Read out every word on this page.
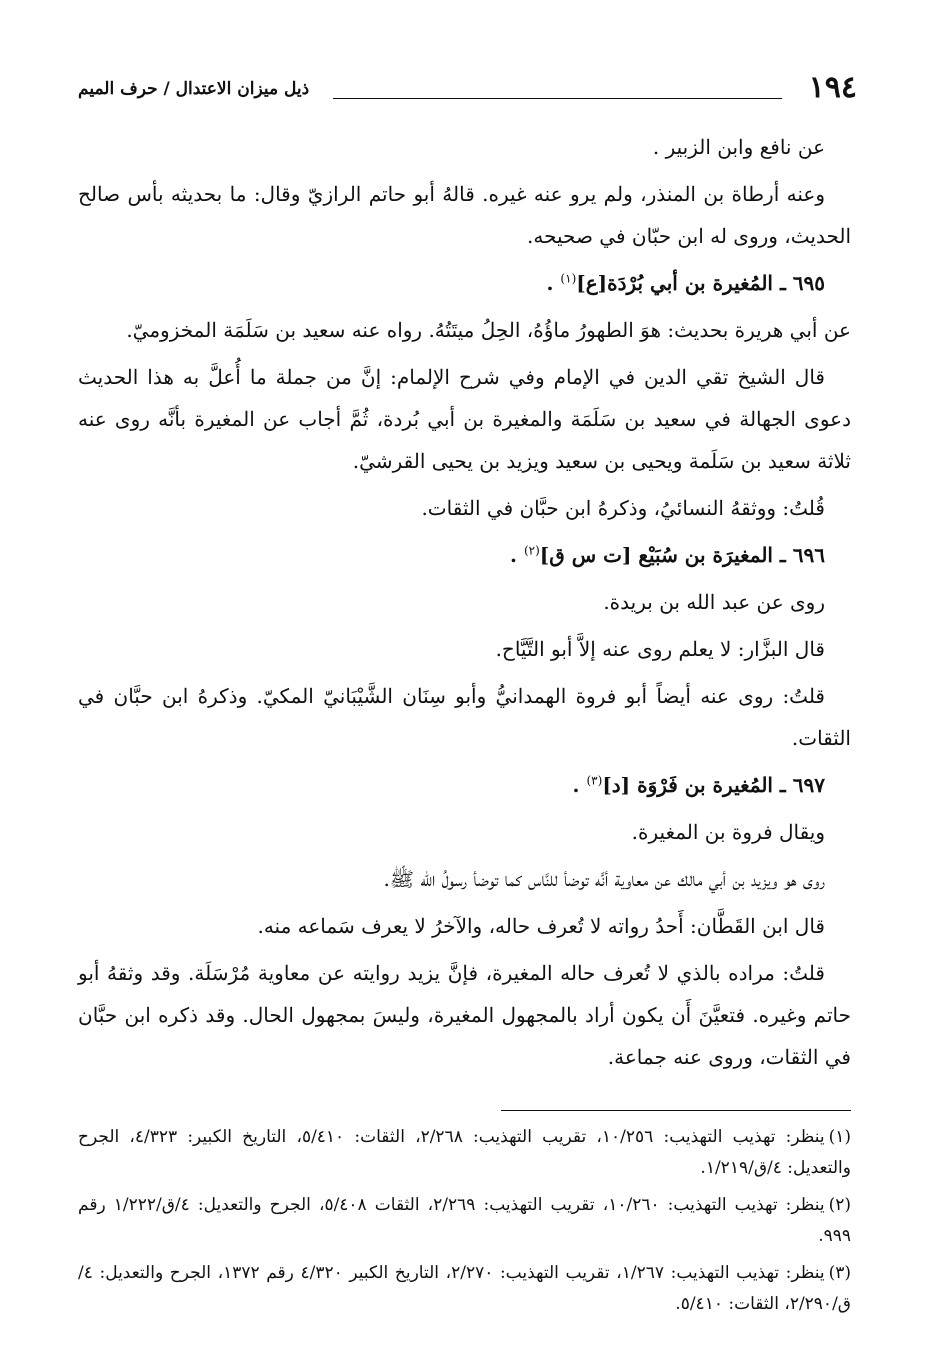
١٩٤
ذيل ميزان الاعتدال / حرف الميم

عن نافع وابن الزبير .

وعنه أرطاة بن المنذر، ولم يرو عنه غيره. قالهُ أبو حاتم الرازيّ وقال: ما بحديثه بأس صالح الحديث، وروى له ابن حبّان في صحيحه.

٦٩٥ ـ المُغيرة بن أبي بُرْدَة[ع]$^{(١)}$ .

عن أبي هريرة بحديث: هوَ الطهورُ ماؤُهُ، الحِلُ ميتَتُهُ. رواه عنه سعيد بن سَلَمَة المخزوميّ.

قال الشيخ تقي الدين في الإمام وفي شرح الإلمام: إنَّ من جملة ما أُعلَّ به هذا الحديث دعوى الجهالة في سعيد بن سَلَمَة والمغيرة بن أبي بُردة، ثُمَّ أجاب عن المغيرة بأنَّه روى عنه ثلاثة سعيد بن سَلَمة ويحيى بن سعيد ويزيد بن يحيى القرشيّ.

قُلتُ: ووثقهُ النسائيُ، وذكرهُ ابن حبَّان في الثقات.

٦٩٦ ـ المغيرَة بن سُبَيْع [ت س ق]$^{(٢)}$ .

روى عن عبد الله بن بريدة.

قال البزَّار: لا يعلم روى عنه إلاَّ أبو التَّيَّاح.

قلتُ: روى عنه أيضاً أبو فروة الهمدانيُّ وأبو سِنَان الشَّيْبَانيّ المكيّ. وذكرهُ ابن حبَّان في الثقات.

٦٩٧ ـ المُغيرة بن فَرْوَة [د]$^{(٣)}$ .

ويقال فروة بن المغيرة.

روى هو ويزيد بن أبي مالك عن معاوية أنَّه توضأ للنَّاس كما توضأ رسولُ الله ﷺ.

قال ابن القَطَّان: أَحدُ رواته لا تُعرف حاله، والآخرُ لا يعرف سَماعه منه.

قلتُ: مراده بالذي لا تُعرف حاله المغيرة، فإنَّ يزيد روايته عن معاوية مُرْسَلَة. وقد وثقهُ أبو حاتم وغيره. فتعيَّنَ أَن يكون أراد بالمجهول المغيرة، وليسَ بمجهول الحال. وقد ذكره ابن حبَّان في الثقات، وروى عنه جماعة.

(١)ينظر: تهذيب التهذيب: ١٠/٢٥٦، تقريب التهذيب: ٢/٢٦٨، الثقات: ٥/٤١٠، التاريخ الكبير: ٤/٣٢٣، الجرح والتعديل: ٤/ق/١/٢١٩.

(٢)ينظر: تهذيب التهذيب: ١٠/٢٦٠، تقريب التهذيب: ٢/٢٦٩، الثقات ٥/٤٠٨، الجرح والتعديل: ٤/ق/١/٢٢٢ رقم ٩٩٩.

(٣)ينظر: تهذيب التهذيب: ١/٢٦٧، تقريب التهذيب: ٢/٢٧٠، التاريخ الكبير ٤/٣٢٠ رقم ١٣٧٢، الجرح والتعديل: ٤/ق/٢/٢٩٠، الثقات: ٥/٤١٠.
